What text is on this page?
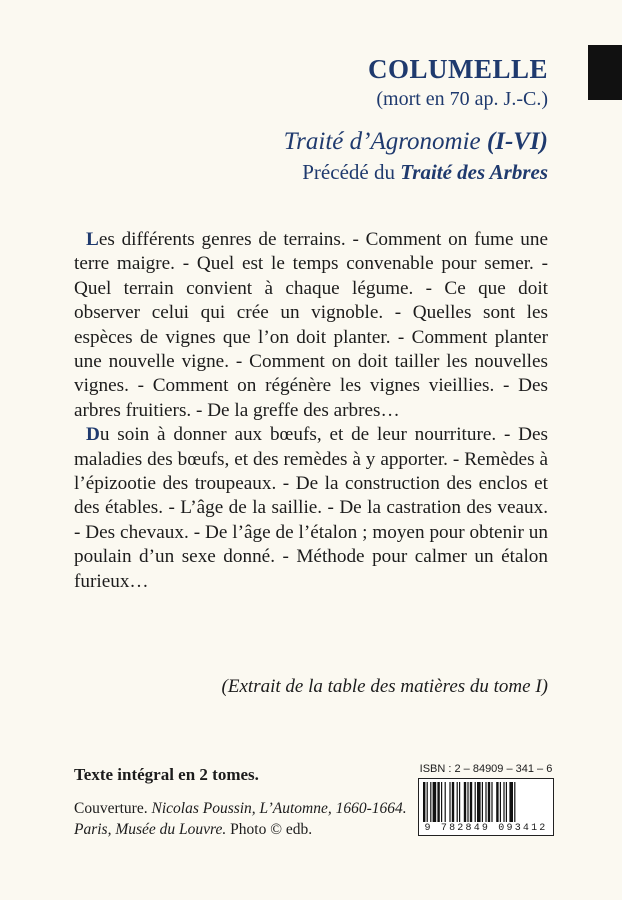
COLUMELLE
(mort en 70 ap. J.-C.)
Traité d’Agronomie (I-VI)
Précédé du Traité des Arbres

Les différents genres de terrains. - Comment on fume une terre maigre. - Quel est le temps convenable pour semer. - Quel terrain convient à chaque légume. - Ce que doit observer celui qui crée un vignoble. - Quelles sont les espèces de vignes que l’on doit planter. - Comment planter une nouvelle vigne. - Comment on doit tailler les nouvelles vignes. - Comment on régénère les vignes vieillies. - Des arbres fruitiers. - De la greffe des arbres…

Du soin à donner aux bœufs, et de leur nourriture. - Des maladies des bœufs, et des remèdes à y apporter. - Remèdes à l’épizootie des troupeaux. - De la construction des enclos et des étables. - L’âge de la saillie. - De la castration des veaux. - Des chevaux. - De l’âge de l’étalon ; moyen pour obtenir un poulain d’un sexe donné. - Méthode pour calmer un étalon furieux…

(Extrait de la table des matières du tome I)
Texte intégral en 2 tomes.
Couverture. Nicolas Poussin, L’Automne, 1660-1664. Paris, Musée du Louvre. Photo © edb.
ISBN : 2 – 84909 – 341 – 6
9 782849 093412
